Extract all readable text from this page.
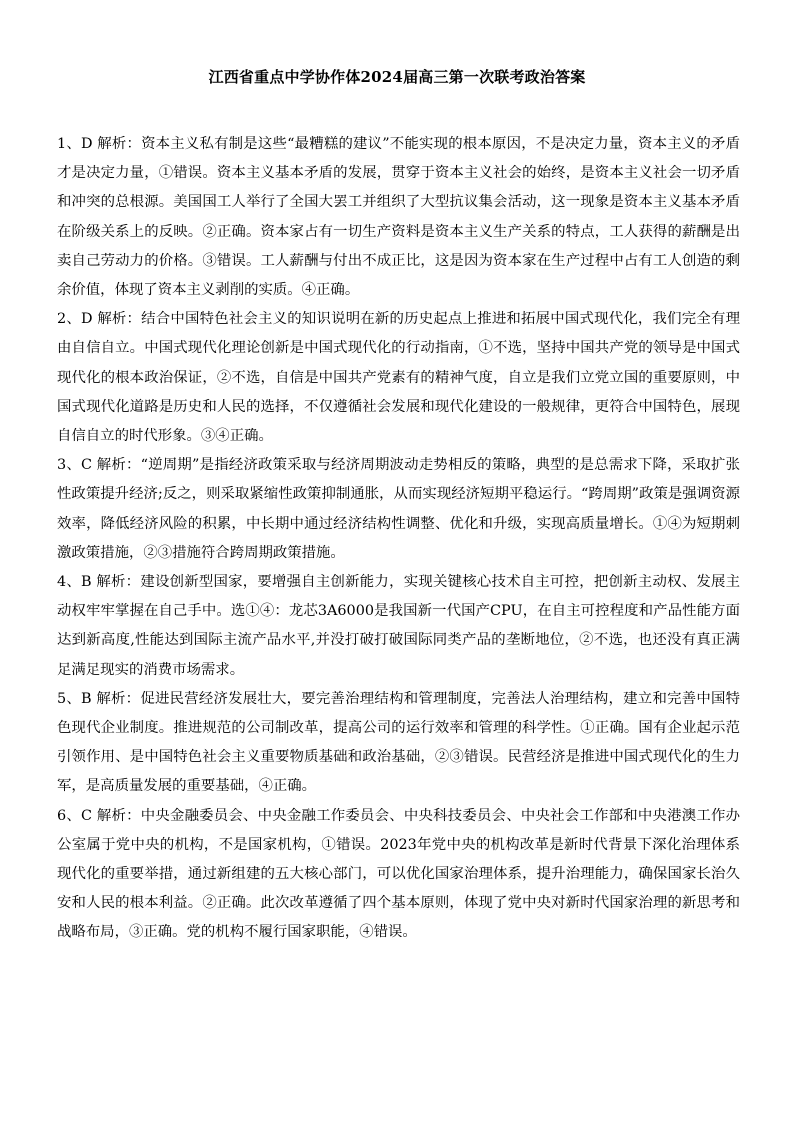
江西省重点中学协作体2024届高三第一次联考政治答案

1、D 解析：资本主义私有制是这些“最糟糕的建议”不能实现的根本原因，不是决定力量，资本主义的矛盾才是决定力量，①错误。资本主义基本矛盾的发展，贯穿于资本主义社会的始终，是资本主义社会一切矛盾和冲突的总根源。美国国工人举行了全国大罢工并组织了大型抗议集会活动，这一现象是资本主义基本矛盾在阶级关系上的反映。②正确。资本家占有一切生产资料是资本主义生产关系的特点，工人获得的薪酬是出卖自己劳动力的价格。③错误。工人薪酬与付出不成正比，这是因为资本家在生产过程中占有工人创造的剩余价值，体现了资本主义剥削的实质。④正确。

2、D 解析：结合中国特色社会主义的知识说明在新的历史起点上推进和拓展中国式现代化，我们完全有理由自信自立。中国式现代化理论创新是中国式现代化的行动指南，①不选，坚持中国共产党的领导是中国式现代化的根本政治保证，②不选，自信是中国共产党素有的精神气度，自立是我们立党立国的重要原则，中国式现代化道路是历史和人民的选择，不仅遵循社会发展和现代化建设的一般规律，更符合中国特色，展现自信自立的时代形象。③④正确。

3、C 解析：“逆周期”是指经济政策采取与经济周期波动走势相反的策略，典型的是总需求下降，采取扩张性政策提升经济;反之，则采取紧缩性政策抑制通胀，从而实现经济短期平稳运行。“跨周期”政策是强调资源效率，降低经济风险的积累，中长期中通过经济结构性调整、优化和升级，实现高质量增长。①④为短期刺激政策措施，②③措施符合跨周期政策措施。

4、B 解析：建设创新型国家，要增强自主创新能力，实现关键核心技术自主可控，把创新主动权、发展主动权牢牢掌握在自己手中。选①④：龙芯3A6000是我国新一代国产CPU，在自主可控程度和产品性能方面达到新高度,性能达到国际主流产品水平,并没打破打破国际同类产品的垄断地位，②不选，也还没有真正满足满足现实的消费市场需求。

5、B 解析：促进民营经济发展壮大，要完善治理结构和管理制度，完善法人治理结构，建立和完善中国特色现代企业制度。推进规范的公司制改革，提高公司的运行效率和管理的科学性。①正确。国有企业起示范引领作用、是中国特色社会主义重要物质基础和政治基础，②③错误。民营经济是推进中国式现代化的生力军，是高质量发展的重要基础，④正确。

6、C 解析：中央金融委员会、中央金融工作委员会、中央科技委员会、中央社会工作部和中央港澳工作办公室属于党中央的机构，不是国家机构，①错误。2023年党中央的机构改革是新时代背景下深化治理体系现代化的重要举措，通过新组建的五大核心部门，可以优化国家治理体系，提升治理能力，确保国家长治久安和人民的根本利益。②正确。此次改革遵循了四个基本原则，体现了党中央对新时代国家治理的新思考和战略布局，③正确。党的机构不履行国家职能，④错误。
